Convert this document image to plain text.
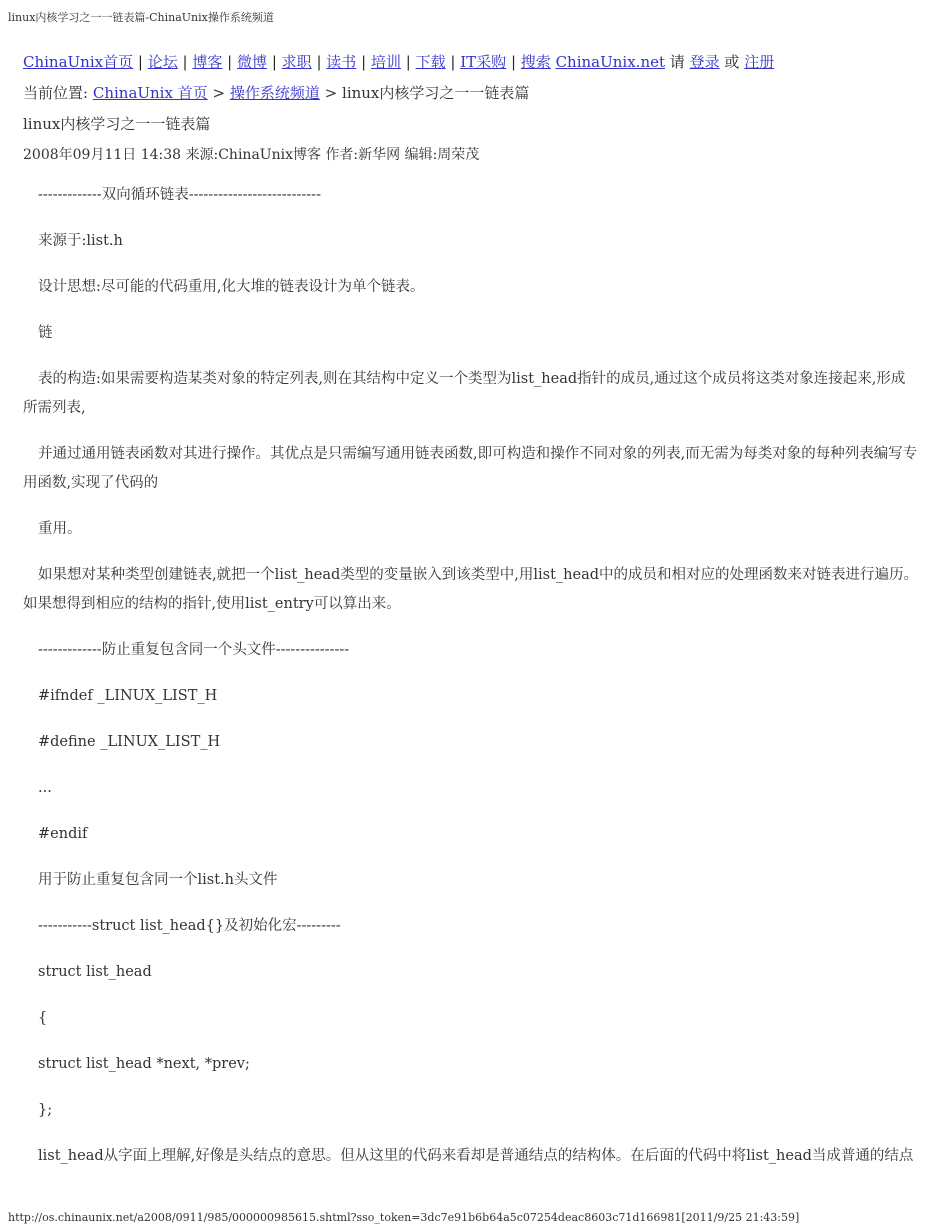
linux内核学习之一一链表篇-ChinaUnix操作系统频道
ChinaUnix首页 | 论坛 | 博客 | 微博 | 求职 | 读书 | 培训 | 下载 | IT采购 | 搜索 ChinaUnix.net 请 登录 或 注册
当前位置: ChinaUnix 首页 > 操作系统频道 > linux内核学习之一一链表篇
linux内核学习之一一链表篇
2008年09月11日 14:38 来源:ChinaUnix博客 作者:新华网 编辑:周荣茂

-------------双向循环链表---------------------------

来源于:list.h

设计思想:尽可能的代码重用,化大堆的链表设计为单个链表。

链

表的构造:如果需要构造某类对象的特定列表,则在其结构中定义一个类型为list_head指针的成员,通过这个成员将这类对象连接起来,形成所需列表,

并通过通用链表函数对其进行操作。其优点是只需编写通用链表函数,即可构造和操作不同对象的列表,而无需为每类对象的每种列表编写专用函数,实现了代码的

重用。

如果想对某种类型创建链表,就把一个list_head类型的变量嵌入到该类型中,用list_head中的成员和相对应的处理函数来对链表进行遍历。如果想得到相应的结构的指针,使用list_entry可以算出来。

-------------防止重复包含同一个头文件---------------

#ifndef _LINUX_LIST_H

#define _LINUX_LIST_H

...

#endif

用于防止重复包含同一个list.h头文件

-----------struct list_head{}及初始化宏---------

struct list_head

{

struct list_head *next, *prev;

};

list_head从字面上理解,好像是头结点的意思。但从这里的代码来看却是普通结点的结构体。在后面的代码中将list_head当成普通的结点

http://os.chinaunix.net/a2008/0911/985/000000985615.shtml?sso_token=3dc7e91b6b64a5c07254deac8603c71d166981[2011/9/25 21:43:59]
